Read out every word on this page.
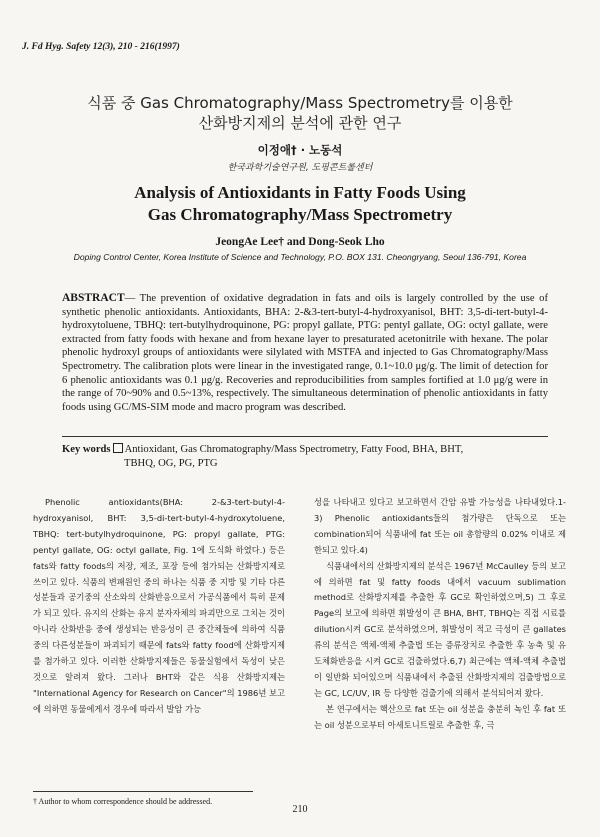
J. Fd Hyg. Safety 12(3), 210 - 216(1997)
식품 중 Gas Chromatography/Mass Spectrometry를 이용한
산화방지제의 분석에 관한 연구
이정애† · 노동석
한국과학기술연구원, 도핑콘트롤센터
Analysis of Antioxidants in Fatty Foods Using
Gas Chromatography/Mass Spectrometry
JeongAe Lee† and Dong-Seok Lho
Doping Control Center, Korea Institute of Science and Technology, P.O. BOX 131. Cheongryang, Seoul 136-791, Korea
ABSTRACT— The prevention of oxidative degradation in fats and oils is largely controlled by the use of synthetic phenolic antioxidants. Antioxidants, BHA: 2-&3-tert-butyl-4-hydroxyanisol, BHT: 3,5-di-tert-butyl-4-hydroxytoluene, TBHQ: tert-butylhydroquinone, PG: propyl gallate, PTG: pentyl gallate, OG: octyl gallate, were extracted from fatty foods with hexane and from hexane layer to presaturated acetonitrile with hexane. The polar phenolic hydroxyl groups of antioxidants were silylated with MSTFA and injected to Gas Chromatography/Mass Spectrometry. The calibration plots were linear in the investigated range, 0.1~10.0 μg/g. The limit of detection for 6 phenolic antioxidants was 0.1 μg/g. Recoveries and reproducibilities from samples fortified at 1.0 μg/g were in the range of 70~90% and 0.5~13%, respectively. The simultaneous determination of phenolic antioxidants in fatty foods using GC/MS-SIM mode and macro program was described.
Key words Antioxidant, Gas Chromatography/Mass Spectrometry, Fatty Food, BHA, BHT,
TBHQ, OG, PG, PTG

Phenolic antioxidants(BHA: 2-&3-tert-butyl-4-hydroxyanisol, BHT: 3,5-di-tert-butyl-4-hydroxytoluene, TBHQ: tert-butylhydroquinone, PG: propyl gallate, PTG: pentyl gallate, OG: octyl gallate, Fig. 1에 도식화 하였다.) 등은 fats와 fatty foods의 저장, 제조, 포장 등에 첨가되는 산화방지제로 쓰이고 있다. 식품의 변패원인 중의 하나는 식품 중 지방 및 기타 다른 성분들과 공기중의 산소와의 산화반응으로서 가공식품에서 특히 문제가 되고 있다. 유지의 산화는 유지 분자자체의 파괴만으로 그치는 것이 아니라 산화반응 중에 생성되는 반응성이 큰 중간체들에 의하여 식품중의 다른성분들이 파괴되기 때문에 fats와 fatty food에 산화방지제를 첨가하고 있다. 이러한 산화방지제들은 동물실험에서 독성이 낮은 것으로 알려져 왔다. 그러나 BHT와 같은 식용 산화방지제는 "International Agency for Research on Cancer"의 1986년 보고에 의하면 동물에게서 경우에 따라서 발암 가능

성을 나타내고 있다고 보고하면서 간암 유발 가능성을 나타내었다.1-3) Phenolic antioxidants들의 첨가량은 단독으로 또는 combination되어 식품내에 fat 또는 oil 총함량의 0.02% 이내로 제한되고 있다.4)

식품내에서의 산화방지제의 분석은 1967년 McCaulley 등의 보고에 의하면 fat 및 fatty foods 내에서 vacuum sublimation method로 산화방지제를 추출한 후 GC로 확인하였으며,5) 그 후로 Page의 보고에 의하면 휘발성이 큰 BHA, BHT, TBHQ는 직접 시료를 dilution시켜 GC로 분석하였으며, 휘발성이 적고 극성이 큰 gallates류의 분석은 액체-액체 추출법 또는 증류장치로 추출한 후 농축 및 유도체화반응을 시켜 GC로 검출하였다.6,7) 최근에는 액체-액체 추출법이 일반화 되어있으며 식품내에서 추출된 산화방지제의 검출방법으로는 GC, LC/UV, IR 등 다양한 검출기에 의해서 분석되어져 왔다.

본 연구에서는 핵산으로 fat 또는 oil 성분을 충분히 녹인 후 fat 또는 oil 성분으로부터 아세토니트릴로 추출한 후, 극

† Author to whom correspondence should be addressed.
210
